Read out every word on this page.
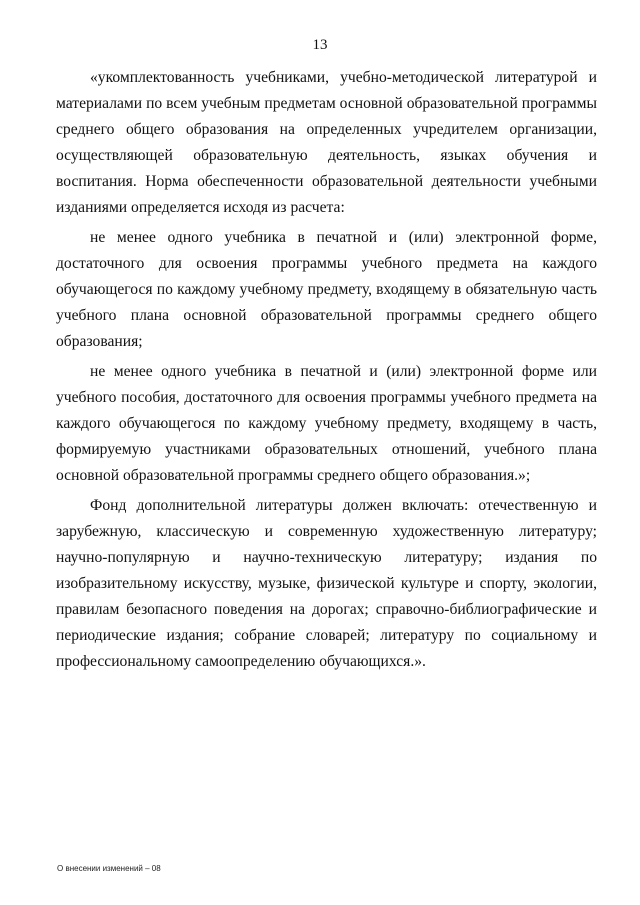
13

«укомплектованность учебниками, учебно-методической литературой и материалами по всем учебным предметам основной образовательной программы среднего общего образования на определенных учредителем организации, осуществляющей образовательную деятельность, языках обучения и воспитания. Норма обеспеченности образовательной деятельности учебными изданиями определяется исходя из расчета:

не менее одного учебника в печатной и (или) электронной форме, достаточного для освоения программы учебного предмета на каждого обучающегося по каждому учебному предмету, входящему в обязательную часть учебного плана основной образовательной программы среднего общего образования;

не менее одного учебника в печатной и (или) электронной форме или учебного пособия, достаточного для освоения программы учебного предмета на каждого обучающегося по каждому учебному предмету, входящему в часть, формируемую участниками образовательных отношений, учебного плана основной образовательной программы среднего общего образования.»;

Фонд дополнительной литературы должен включать: отечественную и зарубежную, классическую и современную художественную литературу; научно-популярную и научно-техническую литературу; издания по изобразительному искусству, музыке, физической культуре и спорту, экологии, правилам безопасного поведения на дорогах; справочно-библиографические и периодические издания; собрание словарей; литературу по социальному и профессиональному самоопределению обучающихся.».

О внесении изменений – 08
